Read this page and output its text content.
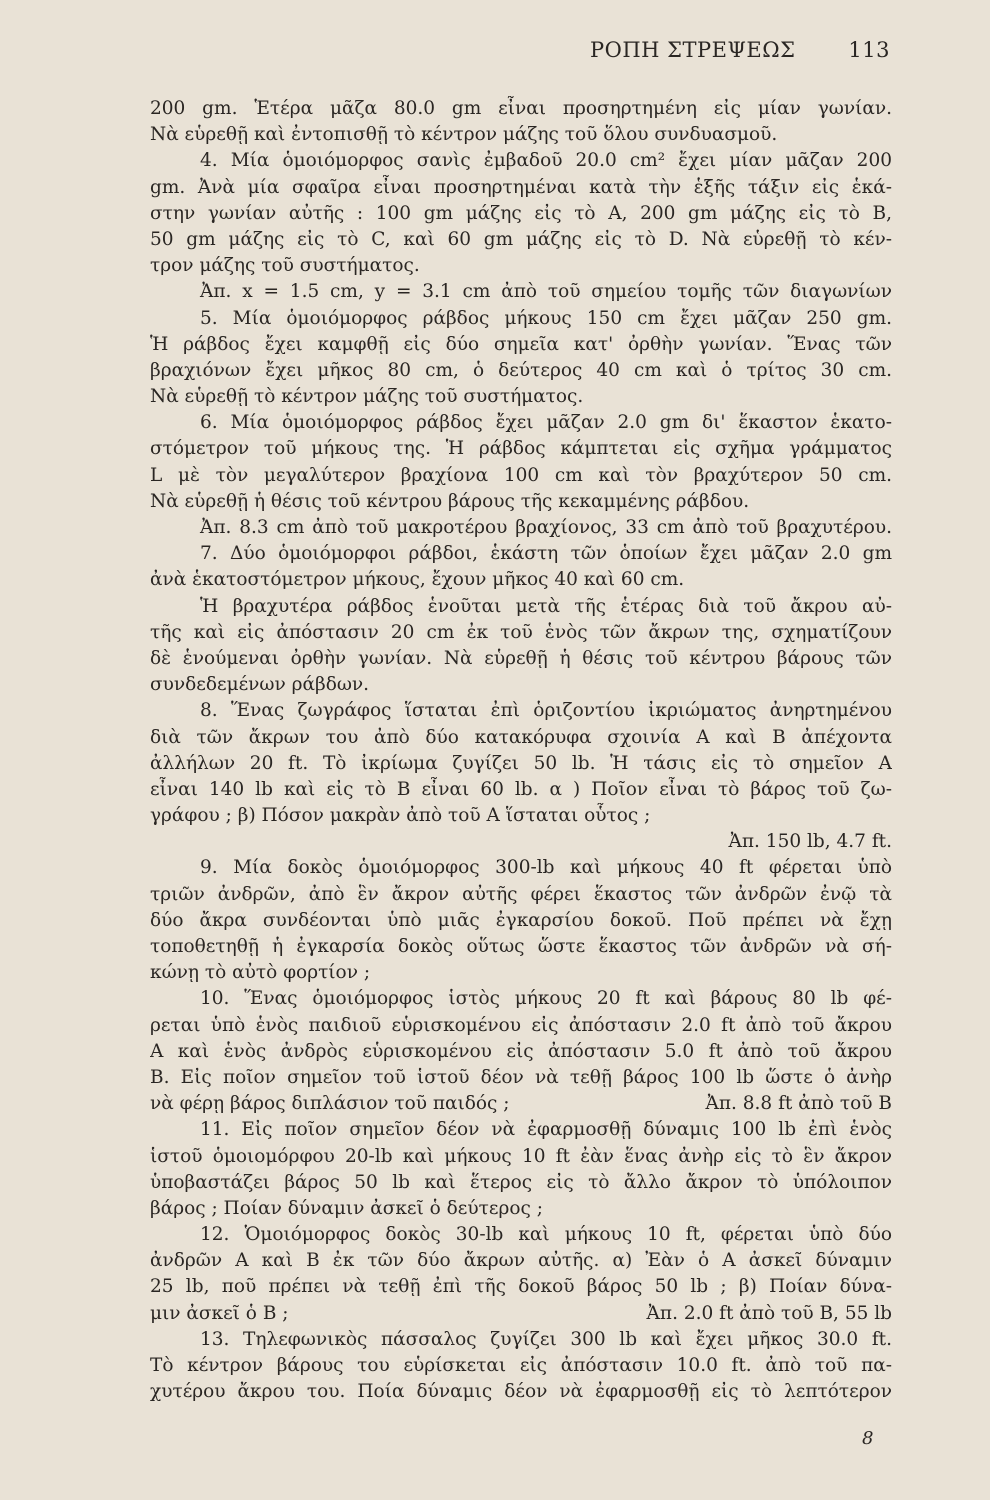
ΡΟΠΗ ΣΤΡΕΨΕΩΣ	113
200 gm. Ἑτέρα μᾶζα 80.0 gm εἶναι προσηρτημένη εἰς μίαν γωνίαν.
Νὰ εὑρεθῇ καὶ ἐντοπισθῇ τὸ κέντρον μάζης τοῦ ὅλου συνδυασμοῦ.
4. Μία ὁμοιόμορφος σανὶς ἐμβαδοῦ 20.0 cm² ἔχει μίαν μᾶζαν 200
gm. Ἀνὰ μία σφαῖρα εἶναι προσηρτημέναι κατὰ τὴν ἑξῆς τάξιν εἰς ἑκά-
στην γωνίαν αὐτῆς : 100 gm μάζης εἰς τὸ A, 200 gm μάζης εἰς τὸ B,
50 gm μάζης εἰς τὸ C, καὶ 60 gm μάζης εἰς τὸ D. Νὰ εὑρεθῇ τὸ κέν-
τρον μάζης τοῦ συστήματος.
Ἀπ. x = 1.5 cm, y = 3.1 cm ἀπὸ τοῦ σημείου τομῆς τῶν διαγωνίων
5. Μία ὁμοιόμορφος ράβδος μήκους 150 cm ἔχει μᾶζαν 250 gm.
Ἡ ράβδος ἔχει καμφθῇ εἰς δύο σημεῖα κατ' ὀρθὴν γωνίαν. Ἕνας τῶν
βραχιόνων ἔχει μῆκος 80 cm, ὁ δεύτερος 40 cm καὶ ὁ τρίτος 30 cm.
Νὰ εὑρεθῇ τὸ κέντρον μάζης τοῦ συστήματος.
6. Μία ὁμοιόμορφος ράβδος ἔχει μᾶζαν 2.0 gm δι' ἕκαστον ἑκατο-
στόμετρον τοῦ μήκους της. Ἡ ράβδος κάμπτεται εἰς σχῆμα γράμματος
L μὲ τὸν μεγαλύτερον βραχίονα 100 cm καὶ τὸν βραχύτερον 50 cm.
Νὰ εὑρεθῇ ἡ θέσις τοῦ κέντρου βάρους τῆς κεκαμμένης ράβδου.
Ἀπ. 8.3 cm ἀπὸ τοῦ μακροτέρου βραχίονος, 33 cm ἀπὸ τοῦ βραχυτέρου.
7. Δύο ὁμοιόμορφοι ράβδοι, ἑκάστη τῶν ὁποίων ἔχει μᾶζαν 2.0 gm
ἀνὰ ἑκατοστόμετρον μήκους, ἔχουν μῆκος 40 καὶ 60 cm.
Ἡ βραχυτέρα ράβδος ἑνοῦται μετὰ τῆς ἑτέρας διὰ τοῦ ἄκρου αὐ-
τῆς καὶ εἰς ἀπόστασιν 20 cm ἐκ τοῦ ἑνὸς τῶν ἄκρων της, σχηματίζουν
δὲ ἑνούμεναι ὀρθὴν γωνίαν. Νὰ εὑρεθῇ ἡ θέσις τοῦ κέντρου βάρους τῶν
συνδεδεμένων ράβδων.
8. Ἕνας ζωγράφος ἵσταται ἐπὶ ὁριζοντίου ἰκριώματος ἀνηρτημένου
διὰ τῶν ἄκρων του ἀπὸ δύο κατακόρυφα σχοινία A καὶ B ἀπέχοντα
ἀλλήλων 20 ft. Τὸ ἰκρίωμα ζυγίζει 50 lb. Ἡ τάσις εἰς τὸ σημεῖον A
εἶναι 140 lb καὶ εἰς τὸ B εἶναι 60 lb. α ) Ποῖον εἶναι τὸ βάρος τοῦ ζω-
γράφου ; β) Πόσον μακρὰν ἀπὸ τοῦ A ἵσταται οὗτος ;
Ἀπ. 150 lb, 4.7 ft.
9. Μία δοκὸς ὁμοιόμορφος 300-lb καὶ μήκους 40 ft φέρεται ὑπὸ
τριῶν ἀνδρῶν, ἀπὸ ἓν ἄκρον αὐτῆς φέρει ἕκαστος τῶν ἀνδρῶν ἐνῷ τὰ
δύο ἄκρα συνδέονται ὑπὸ μιᾶς ἐγκαρσίου δοκοῦ. Ποῦ πρέπει νὰ ἔχῃ
τοποθετηθῇ ἡ ἐγκαρσία δοκὸς οὕτως ὥστε ἕκαστος τῶν ἀνδρῶν νὰ σή-
κώνῃ τὸ αὐτὸ φορτίον ;
10. Ἕνας ὁμοιόμορφος ἱστὸς μήκους 20 ft καὶ βάρους 80 lb φέ-
ρεται ὑπὸ ἑνὸς παιδιοῦ εὑρισκομένου εἰς ἀπόστασιν 2.0 ft ἀπὸ τοῦ ἄκρου
A καὶ ἑνὸς ἀνδρὸς εὑρισκομένου εἰς ἀπόστασιν 5.0 ft ἀπὸ τοῦ ἄκρου
B. Εἰς ποῖον σημεῖον τοῦ ἱστοῦ δέον νὰ τεθῇ βάρος 100 lb ὥστε ὁ ἀνὴρ
νὰ φέρῃ βάρος διπλάσιον τοῦ παιδός ;	Ἀπ. 8.8 ft ἀπὸ τοῦ B
11. Εἰς ποῖον σημεῖον δέον νὰ ἐφαρμοσθῇ δύναμις 100 lb ἐπὶ ἑνὸς
ἱστοῦ ὁμοιομόρφου 20-lb καὶ μήκους 10 ft ἐὰν ἕνας ἀνὴρ εἰς τὸ ἓν ἄκρον
ὑποβαστάζει βάρος 50 lb καὶ ἕτερος εἰς τὸ ἄλλο ἄκρον τὸ ὑπόλοιπον
βάρος ; Ποίαν δύναμιν ἀσκεῖ ὁ δεύτερος ;
12. Ὁμοιόμορφος δοκὸς 30-lb καὶ μήκους 10 ft, φέρεται ὑπὸ δύο
ἀνδρῶν A καὶ B ἐκ τῶν δύο ἄκρων αὐτῆς. α) Ἐὰν ὁ A ἀσκεῖ δύναμιν
25 lb, ποῦ πρέπει νὰ τεθῇ ἐπὶ τῆς δοκοῦ βάρος 50 lb ; β) Ποίαν δύνα-
μιν ἀσκεῖ ὁ B ;	Ἀπ. 2.0 ft ἀπὸ τοῦ B, 55 lb
13. Τηλεφωνικὸς πάσσαλος ζυγίζει 300 lb καὶ ἔχει μῆκος 30.0 ft.
Τὸ κέντρον βάρους του εὑρίσκεται εἰς ἀπόστασιν 10.0 ft. ἀπὸ τοῦ πα-
χυτέρου ἄκρου του. Ποία δύναμις δέον νὰ ἐφαρμοσθῇ εἰς τὸ λεπτότερον
8
